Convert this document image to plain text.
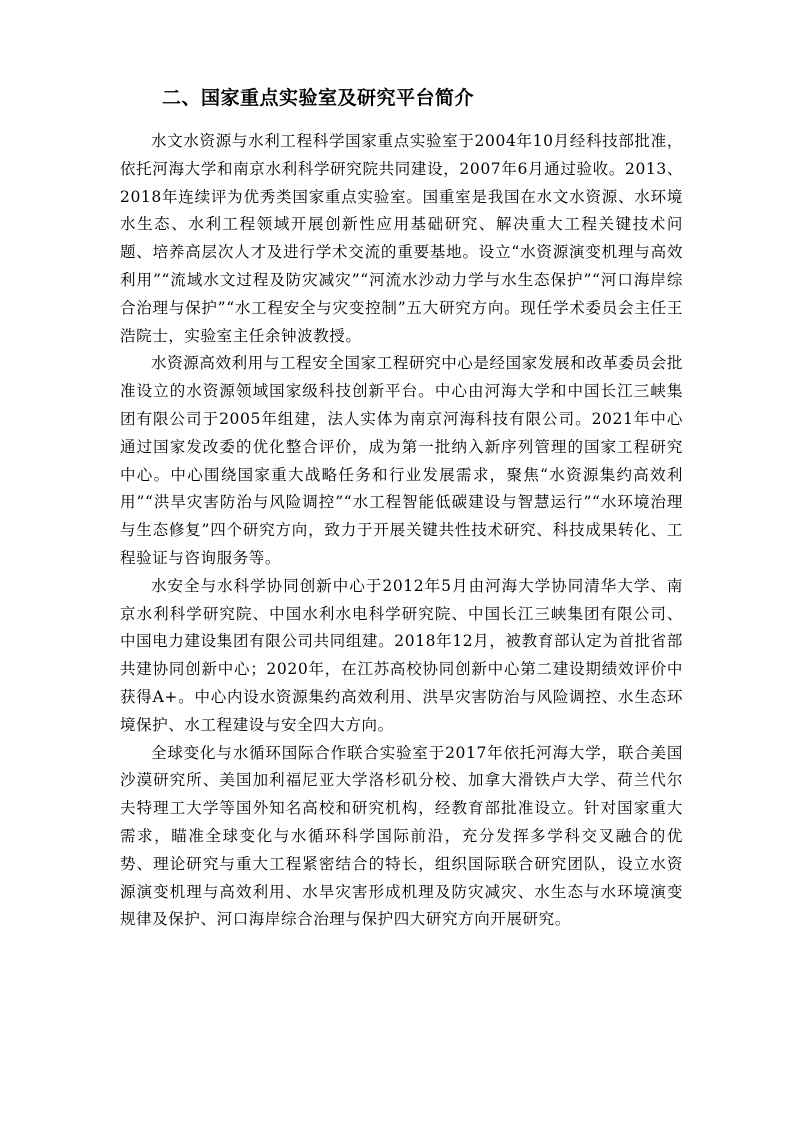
二、国家重点实验室及研究平台简介

水文水资源与水利工程科学国家重点实验室于2004年10月经科技部批准，依托河海大学和南京水利科学研究院共同建设，2007年6月通过验收。2013、2018年连续评为优秀类国家重点实验室。国重室是我国在水文水资源、水环境水生态、水利工程领域开展创新性应用基础研究、解决重大工程关键技术问题、培养高层次人才及进行学术交流的重要基地。设立“水资源演变机理与高效利用”“流域水文过程及防灾减灾”“河流水沙动力学与水生态保护”“河口海岸综合治理与保护”“水工程安全与灾变控制”五大研究方向。现任学术委员会主任王浩院士，实验室主任余钟波教授。

水资源高效利用与工程安全国家工程研究中心是经国家发展和改革委员会批准设立的水资源领域国家级科技创新平台。中心由河海大学和中国长江三峡集团有限公司于2005年组建，法人实体为南京河海科技有限公司。2021年中心通过国家发改委的优化整合评价，成为第一批纳入新序列管理的国家工程研究中心。中心围绕国家重大战略任务和行业发展需求，聚焦“水资源集约高效利用”“洪旱灾害防治与风险调控”“水工程智能低碳建设与智慧运行”“水环境治理与生态修复”四个研究方向，致力于开展关键共性技术研究、科技成果转化、工程验证与咨询服务等。

水安全与水科学协同创新中心于2012年5月由河海大学协同清华大学、南京水利科学研究院、中国水利水电科学研究院、中国长江三峡集团有限公司、中国电力建设集团有限公司共同组建。2018年12月，被教育部认定为首批省部共建协同创新中心；2020年，在江苏高校协同创新中心第二建设期绩效评价中获得A+。中心内设水资源集约高效利用、洪旱灾害防治与风险调控、水生态环境保护、水工程建设与安全四大方向。

全球变化与水循环国际合作联合实验室于2017年依托河海大学，联合美国沙漠研究所、美国加利福尼亚大学洛杉矶分校、加拿大滑铁卢大学、荷兰代尔夫特理工大学等国外知名高校和研究机构，经教育部批准设立。针对国家重大需求，瞄准全球变化与水循环科学国际前沿，充分发挥多学科交叉融合的优势、理论研究与重大工程紧密结合的特长，组织国际联合研究团队，设立水资源演变机理与高效利用、水旱灾害形成机理及防灾减灾、水生态与水环境演变规律及保护、河口海岸综合治理与保护四大研究方向开展研究。
